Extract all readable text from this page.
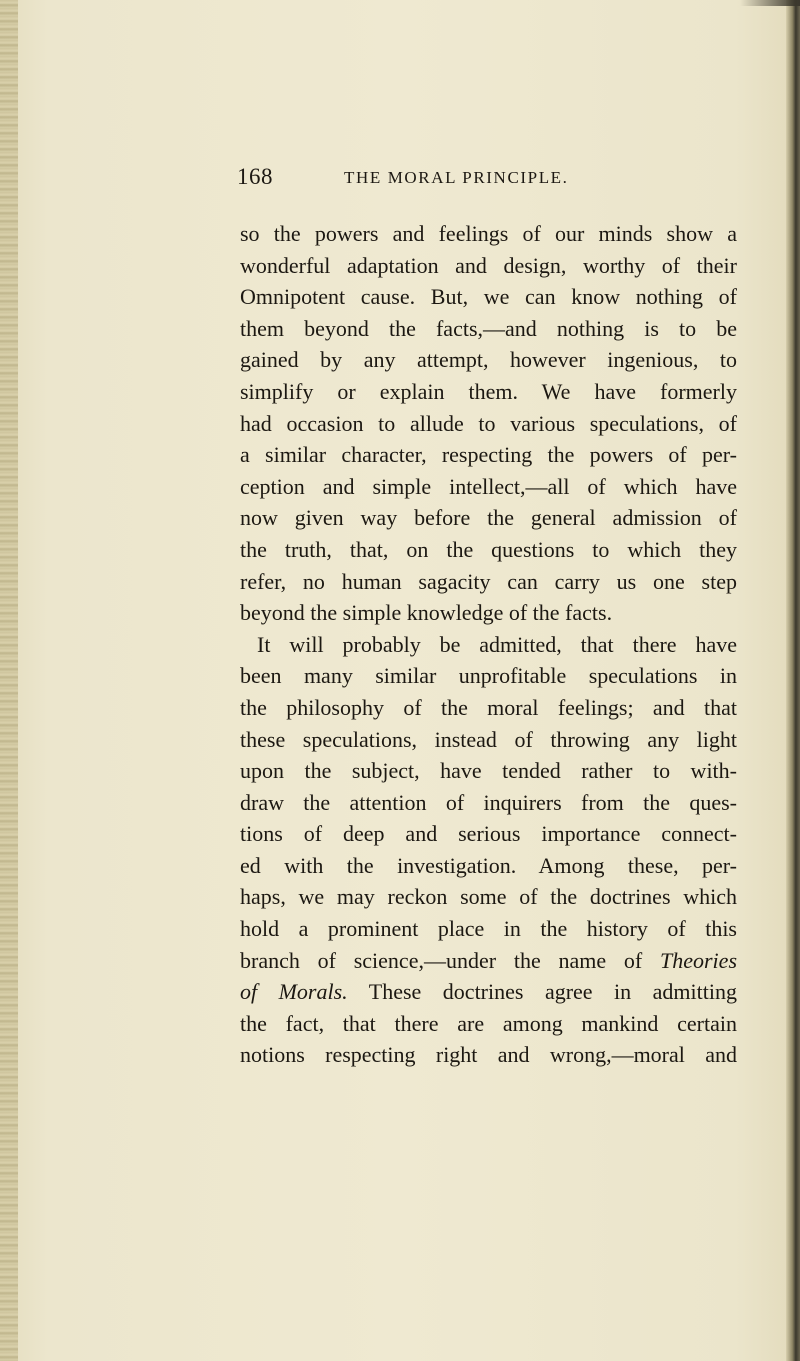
168	THE MORAL PRINCIPLE.
so the powers and feelings of our minds show a
wonderful adaptation and design, worthy of their
Omnipotent cause. But, we can know nothing of
them beyond the facts,—and nothing is to be
gained by any attempt, however ingenious, to
simplify or explain them. We have formerly
had occasion to allude to various speculations, of
a similar character, respecting the powers of per-
ception and simple intellect,—all of which have
now given way before the general admission of
the truth, that, on the questions to which they
refer, no human sagacity can carry us one step
beyond the simple knowledge of the facts.
It will probably be admitted, that there have
been many similar unprofitable speculations in
the philosophy of the moral feelings; and that
these speculations, instead of throwing any light
upon the subject, have tended rather to with-
draw the attention of inquirers from the ques-
tions of deep and serious importance connect-
ed with the investigation. Among these, per-
haps, we may reckon some of the doctrines which
hold a prominent place in the history of this
branch of science,—under the name of Theories
of Morals. These doctrines agree in admitting
the fact, that there are among mankind certain
notions respecting right and wrong,—moral and
